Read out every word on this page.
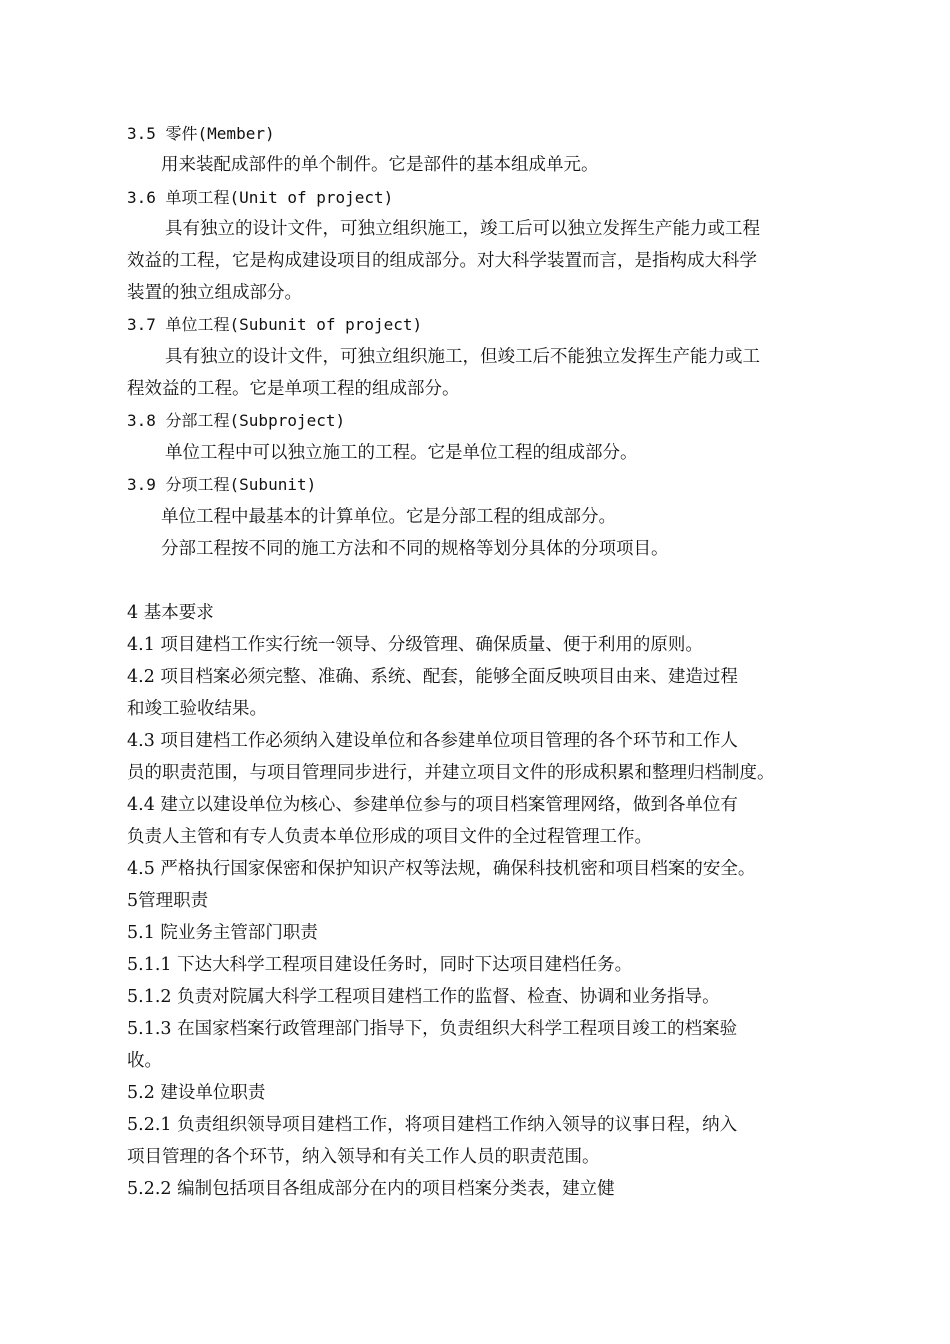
3.5 零件(Member)
用来装配成部件的单个制件。它是部件的基本组成单元。
3.6 单项工程(Unit of project)
具有独立的设计文件，可独立组织施工，竣工后可以独立发挥生产能力或工程
效益的工程，它是构成建设项目的组成部分。对大科学装置而言，是指构成大科学
装置的独立组成部分。
3.7 单位工程(Subunit of project)
具有独立的设计文件，可独立组织施工，但竣工后不能独立发挥生产能力或工
程效益的工程。它是单项工程的组成部分。
3.8 分部工程(Subproject)
单位工程中可以独立施工的工程。它是单位工程的组成部分。
3.9 分项工程(Subunit)
单位工程中最基本的计算单位。它是分部工程的组成部分。
分部工程按不同的施工方法和不同的规格等划分具体的分项项目。
4 基本要求
4.1 项目建档工作实行统一领导、分级管理、确保质量、便于利用的原则。
4.2 项目档案必须完整、准确、系统、配套，能够全面反映项目由来、建造过程
和竣工验收结果。
4.3 项目建档工作必须纳入建设单位和各参建单位项目管理的各个环节和工作人
员的职责范围，与项目管理同步进行，并建立项目文件的形成积累和整理归档制度。
4.4 建立以建设单位为核心、参建单位参与的项目档案管理网络，做到各单位有
负责人主管和有专人负责本单位形成的项目文件的全过程管理工作。
4.5 严格执行国家保密和保护知识产权等法规，确保科技机密和项目档案的安全。
5管理职责
5.1 院业务主管部门职责
5.1.1 下达大科学工程项目建设任务时，同时下达项目建档任务。
5.1.2 负责对院属大科学工程项目建档工作的监督、检查、协调和业务指导。
5.1.3 在国家档案行政管理部门指导下，负责组织大科学工程项目竣工的档案验
收。
5.2 建设单位职责
5.2.1 负责组织领导项目建档工作，将项目建档工作纳入领导的议事日程，纳入
项目管理的各个环节，纳入领导和有关工作人员的职责范围。
5.2.2 编制包括项目各组成部分在内的项目档案分类表，建立健
